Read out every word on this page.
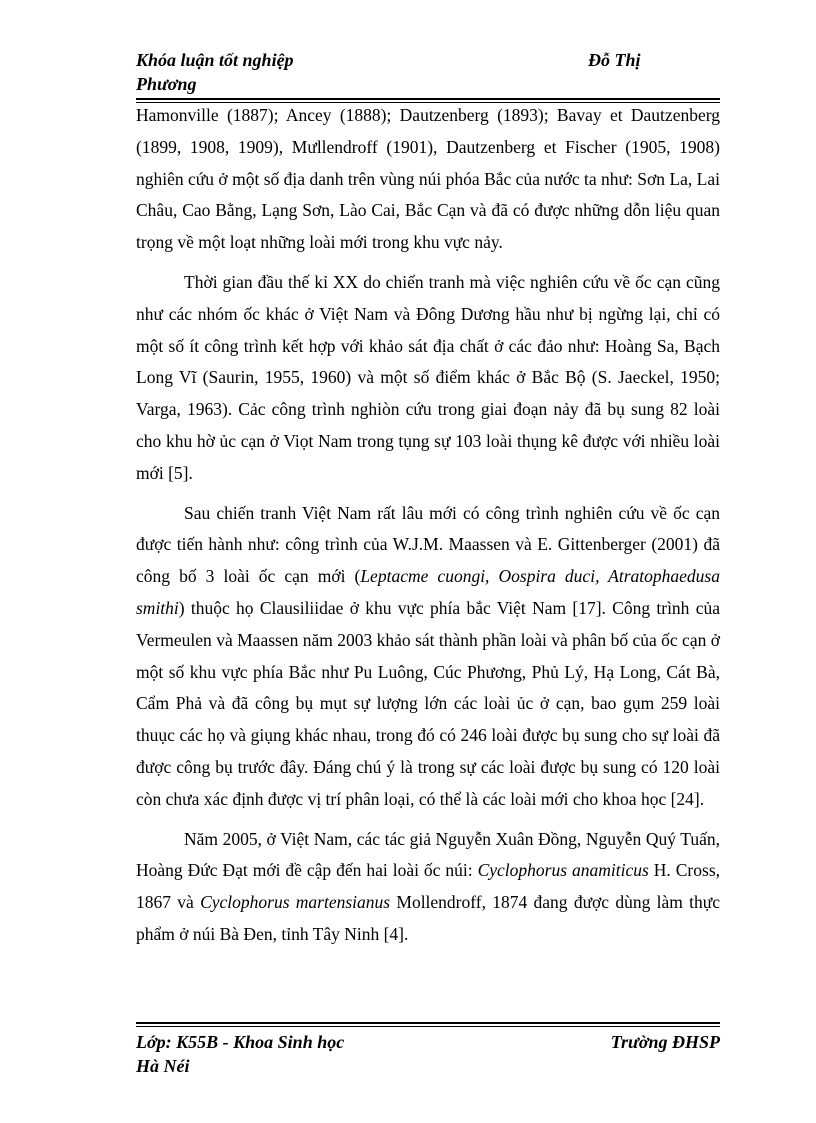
Khóa luận tốt nghiệp	Đỗ Thị
Phương

Hamonville (1887); Ancey (1888); Dautzenberg (1893); Bavay et Dautzenberg (1899, 1908, 1909), Mưllendroff (1901), Dautzenberg et Fischer (1905, 1908) nghiên cứu ở một số địa danh trên vùng núi phóa Bắc của nước ta như: Sơn La, Lai Châu, Cao Bằng, Lạng Sơn, Lào Cai, Bắc Cạn và đã có được những dỗn liệu quan trọng về một loạt những loài mới trong khu vực nảy.

Thời gian đầu thế kỉ XX do chiến tranh mà việc nghiên cứu về ốc cạn cũng như các nhóm ốc khác ở Việt Nam và Đông Dương hầu như bị ngừng lại, chỉ có một số ít công trình kết hợp với khảo sát địa chất ở các đảo như: Hoàng Sa, Bạch Long Vĩ (Saurin, 1955, 1960) và một số điểm khác ở Bắc Bộ (S. Jaeckel, 1950; Varga, 1963). Cảc công trình nghiòn cứu trong giai đoạn nảy đã bụ sung 82 loài cho khu hờ ủc cạn ở Viọt Nam trong tụng sự 103 loài thụng kê được với nhiều loài mới [5].

Sau chiến tranh Việt Nam rất lâu mới có công trình nghiên cứu về ốc cạn được tiến hành như: công trình của W.J.M. Maassen và E. Gittenberger (2001) đã công bố 3 loài ốc cạn mới (Leptacme cuongi, Oospira duci, Atratophaedusa smithi) thuộc họ Clausiliidae ở khu vực phía bắc Việt Nam [17]. Công trình của Vermeulen và Maassen năm 2003 khảo sát thành phần loài và phân bố của ốc cạn ở một số khu vực phía Bắc như Pu Luông, Cúc Phương, Phủ Lý, Hạ Long, Cát Bà, Cẩm Phả và đã công bụ mụt sự lượng lớn các loài ủc ở cạn, bao gụm 259 loài thuục các họ và giụng khác nhau, trong đó có 246 loài được bụ sung cho sự loài đã được công bụ trước đây. Đáng chú ý là trong sự các loài được bụ sung có 120 loài còn chưa xác định được vị trí phân loại, có thể là các loài mới cho khoa học [24].

Năm 2005, ở Việt Nam, các tác giả Nguyễn Xuân Đồng, Nguyễn Quý Tuấn, Hoàng Đức Đạt mới đề cập đến hai loài ốc núi: Cyclophorus anamiticus H. Cross, 1867 và Cyclophorus martensianus Mollendroff, 1874 đang được dùng làm thực phẩm ở núi Bà Đen, tỉnh Tây Ninh [4].

Lớp: K55B - Khoa Sinh học	Trường ĐHSP
Hà Néi
